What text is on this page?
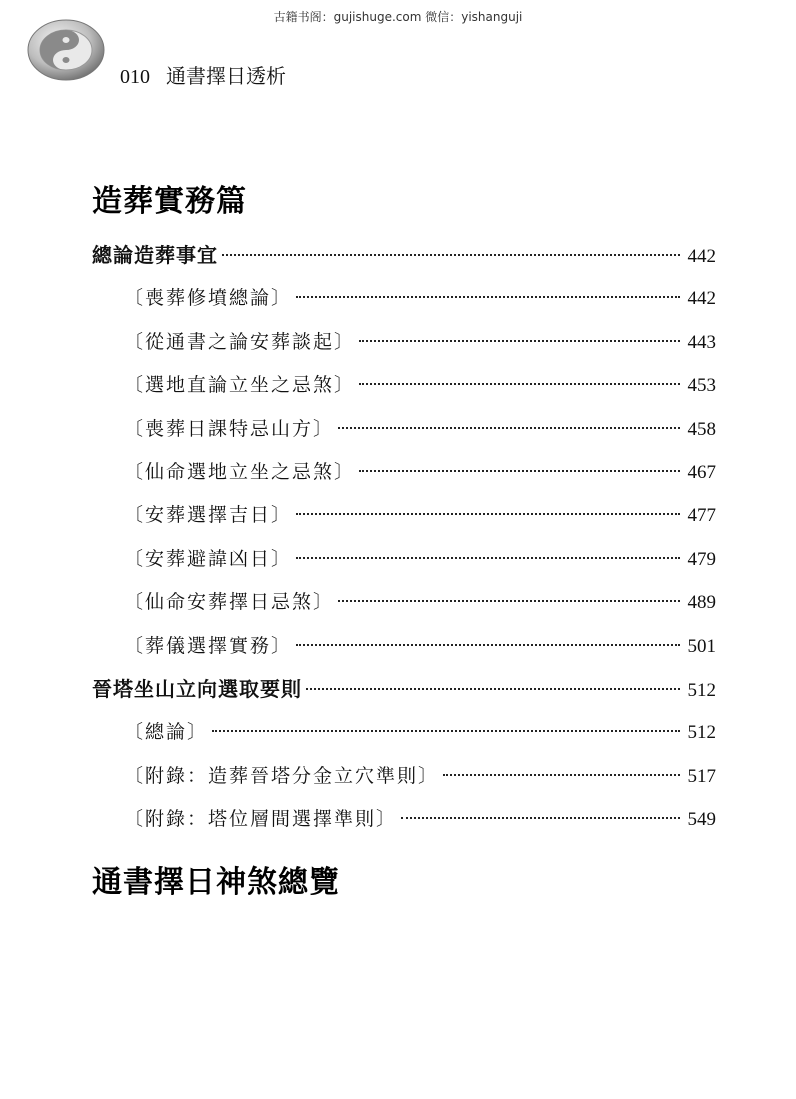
古籍书阁：gujishuge.com 微信：yishanguji
010 通書擇日透析
造葬實務篇
總論造葬事宜	442
〔喪葬修墳總論〕	442
〔從通書之論安葬談起〕	443
〔選地直論立坐之忌煞〕	453
〔喪葬日課特忌山方〕	458
〔仙命選地立坐之忌煞〕	467
〔安葬選擇吉日〕	477
〔安葬避諱凶日〕	479
〔仙命安葬擇日忌煞〕	489
〔葬儀選擇實務〕	501
晉塔坐山立向選取要則	512
〔總論〕	512
〔附錄：造葬晉塔分金立穴準則〕	517
〔附錄：塔位層間選擇準則〕	549
通書擇日神煞總覽
